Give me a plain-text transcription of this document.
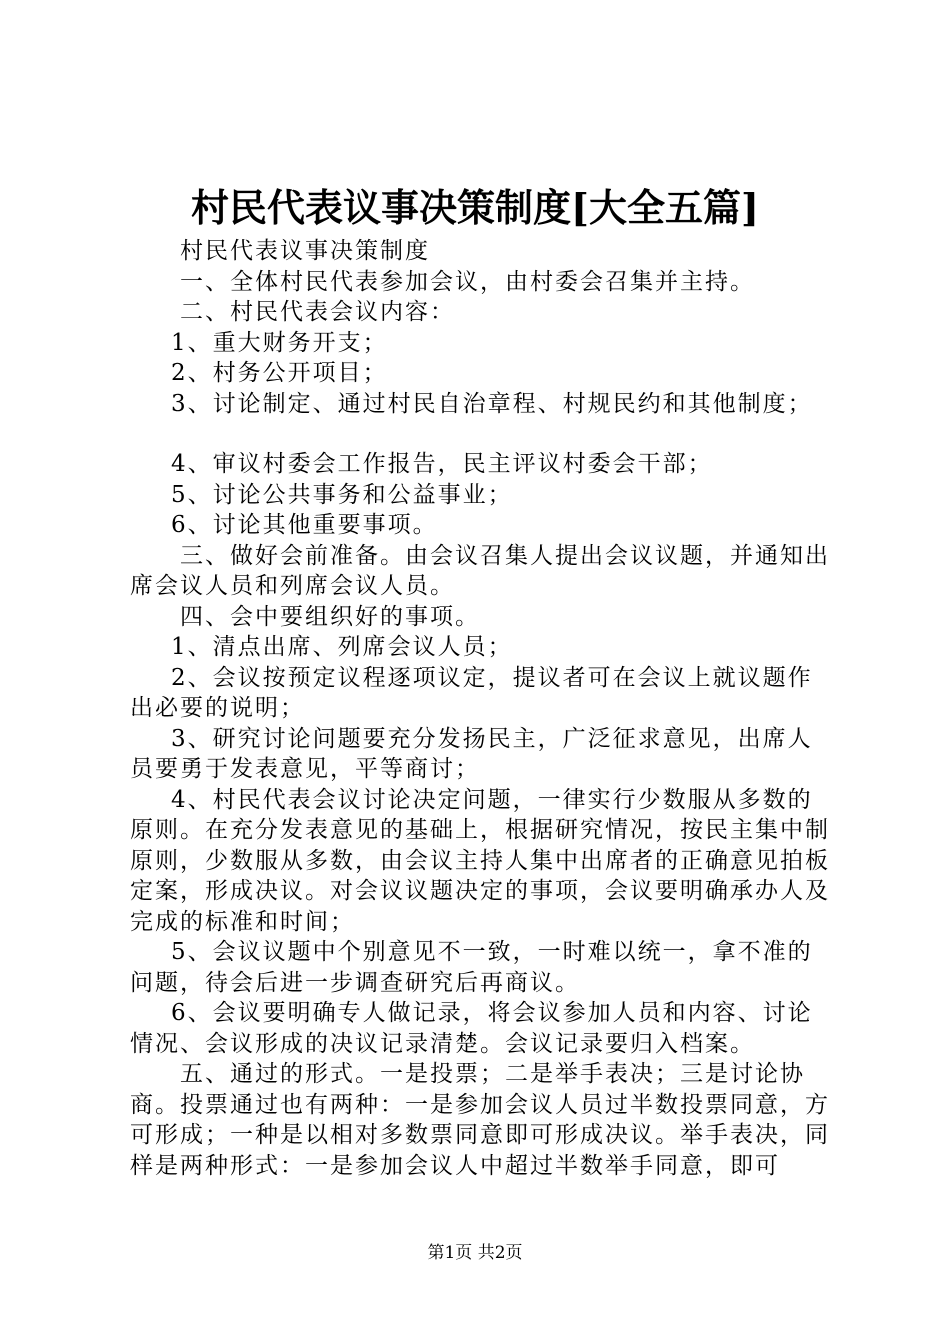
村民代表议事决策制度[大全五篇]

村民代表议事决策制度

一、全体村民代表参加会议，由村委会召集并主持。

二、村民代表会议内容：

1、重大财务开支；

2、村务公开项目；

3、讨论制定、通过村民自治章程、村规民约和其他制度；

4、审议村委会工作报告，民主评议村委会干部；

5、讨论公共事务和公益事业；

6、讨论其他重要事项。

三、做好会前准备。由会议召集人提出会议议题，并通知出席会议人员和列席会议人员。

四、会中要组织好的事项。

1、清点出席、列席会议人员；

2、会议按预定议程逐项议定，提议者可在会议上就议题作出必要的说明；

3、研究讨论问题要充分发扬民主，广泛征求意见，出席人员要勇于发表意见，平等商讨；

4、村民代表会议讨论决定问题，一律实行少数服从多数的原则。在充分发表意见的基础上，根据研究情况，按民主集中制原则，少数服从多数，由会议主持人集中出席者的正确意见拍板定案，形成决议。对会议议题决定的事项，会议要明确承办人及完成的标准和时间；

5、会议议题中个别意见不一致，一时难以统一，拿不准的问题，待会后进一步调查研究后再商议。

6、会议要明确专人做记录，将会议参加人员和内容、讨论情况、会议形成的决议记录清楚。会议记录要归入档案。

五、通过的形式。一是投票；二是举手表决；三是讨论协商。投票通过也有两种：一是参加会议人员过半数投票同意，方可形成；一种是以相对多数票同意即可形成决议。举手表决，同样是两种形式：一是参加会议人中超过半数举手同意，即可

第1页 共2页
